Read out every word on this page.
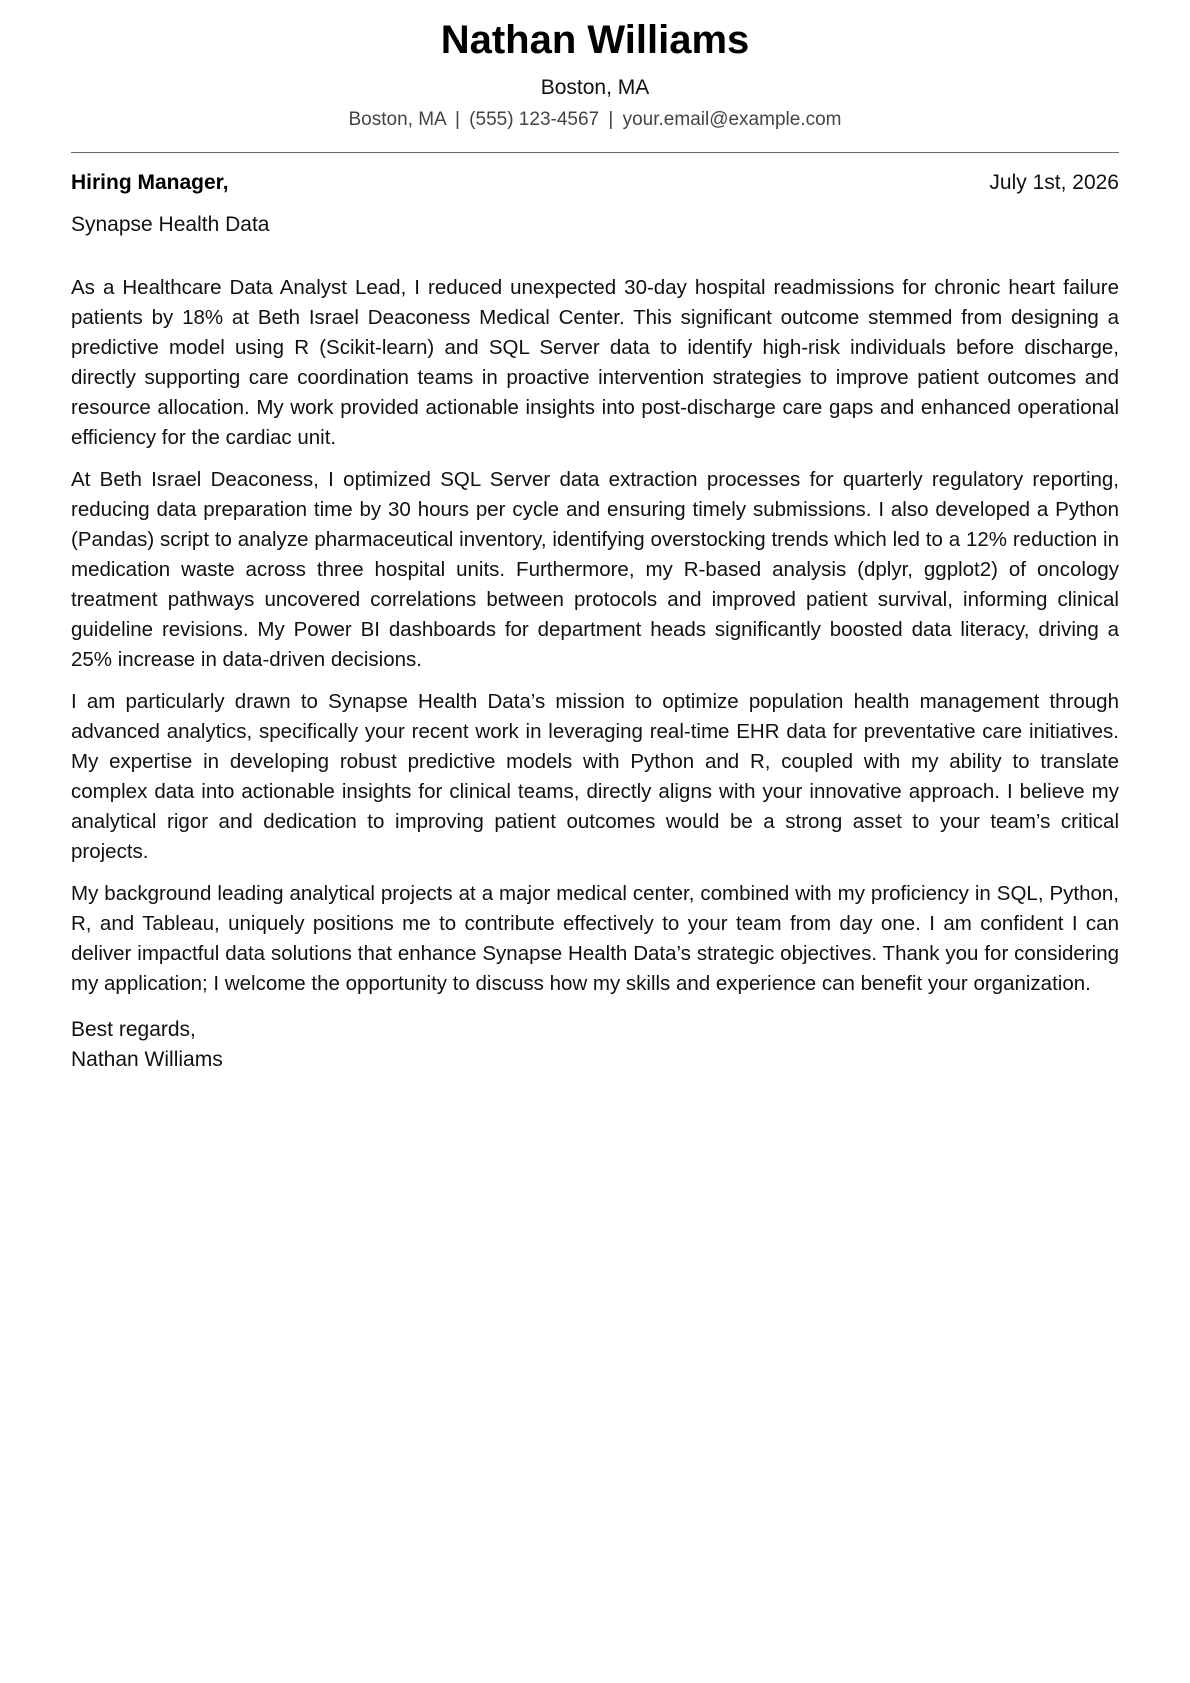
Nathan Williams
Boston, MA
Boston, MA | (555) 123-4567 | your.email@example.com
Hiring Manager,	July 1st, 2026
Synapse Health Data

As a Healthcare Data Analyst Lead, I reduced unexpected 30-day hospital readmissions for chronic heart failure patients by 18% at Beth Israel Deaconess Medical Center. This significant outcome stemmed from designing a predictive model using R (Scikit-learn) and SQL Server data to identify high-risk individuals before discharge, directly supporting care coordination teams in proactive intervention strategies to improve patient outcomes and resource allocation. My work provided actionable insights into post-discharge care gaps and enhanced operational efficiency for the cardiac unit.

At Beth Israel Deaconess, I optimized SQL Server data extraction processes for quarterly regulatory reporting, reducing data preparation time by 30 hours per cycle and ensuring timely submissions. I also developed a Python (Pandas) script to analyze pharmaceutical inventory, identifying overstocking trends which led to a 12% reduction in medication waste across three hospital units. Furthermore, my R-based analysis (dplyr, ggplot2) of oncology treatment pathways uncovered correlations between protocols and improved patient survival, informing clinical guideline revisions. My Power BI dashboards for department heads significantly boosted data literacy, driving a 25% increase in data-driven decisions.

I am particularly drawn to Synapse Health Data’s mission to optimize population health management through advanced analytics, specifically your recent work in leveraging real-time EHR data for preventative care initiatives. My expertise in developing robust predictive models with Python and R, coupled with my ability to translate complex data into actionable insights for clinical teams, directly aligns with your innovative approach. I believe my analytical rigor and dedication to improving patient outcomes would be a strong asset to your team’s critical projects.

My background leading analytical projects at a major medical center, combined with my proficiency in SQL, Python, R, and Tableau, uniquely positions me to contribute effectively to your team from day one. I am confident I can deliver impactful data solutions that enhance Synapse Health Data’s strategic objectives. Thank you for considering my application; I welcome the opportunity to discuss how my skills and experience can benefit your organization.

Best regards,
Nathan Williams
